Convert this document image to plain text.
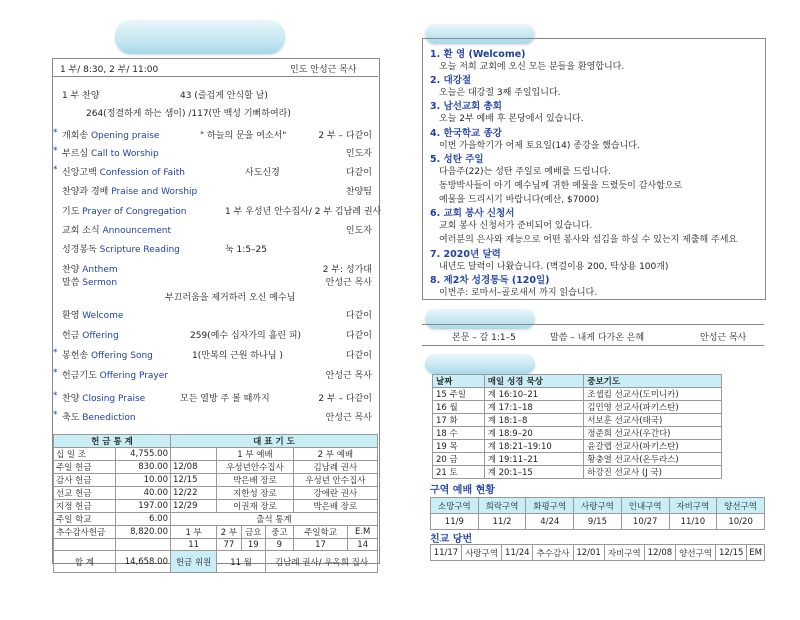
1 부/ 8:30, 2 부/ 11:00	인도 안성근 목사
1 부 찬양	43 (즐겁게 안식할 날)
264(정결하게 하는 샘이) /117(만 백성 기뻐하여라)
* 개회송 Opening praise	" 하늘의 문을 여소서"	2 부 – 다같이
* 부르심 Call to Worship	인도자
* 신앙고백 Confession of Faith	사도신경	다같이
찬양과 경배 Praise and Worship	찬양팀
기도 Prayer of Congregation	1 부 우성년 안수집사/ 2 부 김남례 권사
교회 소식 Announcement	인도자
성경봉독 Scripture Reading	눅 1:5–25
찬양 Anthem	2 부: 성가대
말씀 Sermon	안성근 목사
부끄러움을 제거하러 오신 예수님
환영 Welcome	다같이
헌금 Offering	259(예수 십자가의 흘린 피)	다같이
* 봉헌송 Offering Song	1(만복의 근원 하나님 )	다같이
* 헌금기도 Offering Prayer	안성근 목사
* 찬양 Closing Praise	모든 열방 주 볼 때까지	2 부 – 다같이
* 축도 Benediction	안성근 목사
헌 금 통 계		대 표 기 도					
십 일 조	4,755.00		1 부 예배			2 부 예배	
주일 헌금	830.00	12/08	우성년안수집사			김남례 권사	
감사 헌금	10.00	12/15	박은배 장로			우성년 안수집사	
선교 헌금	40.00	12/22	지한성 장로			강애란 권사	
지정 헌금	197.00	12/29	이권재 장로			박은배 장로	
주일 학교	6.00	출석 통계					
추수감사헌금	8,820.00	1 부	2 부	금요	중고	주일학교	E.M
		11	77	19	9	17	14
합 계	14,658.00	헌금 위원	11 월		김남례 권사/ 우옥희 집사		
1. 환 영 (Welcome)
오늘 저희 교회에 오신 모든 분들을 환영합니다.
2. 대강절
오늘은 대강절 3째 주일입니다.
3. 남선교회 총회
오늘 2부 예배 후 본당에서 있습니다.
4. 한국학교 종강
이번 가을학기가 어제 토요일(14) 종강을 했습니다.
5. 성탄 주일
다음주(22)는 성탄 주일로 예배를 드립니다.
동방박사들이 아기 예수님께 귀한 예물을 드렸듯이 감사함으로
예물을 드리시기 바랍니다(예산, $7000)
6. 교회 봉사 신청서
교회 봉사 신청서가 준비되어 있습니다.
여러분의 은사와 재능으로 어떤 봉사와 섬김을 하실 수 있는지 제출해 주세요
7. 2020년 달력
내년도 달력이 나왔습니다. (벽걸이용 200, 탁상용 100개)
8. 제2차 성경통독 (120일)
이번주: 로마서–골로새서 까지 읽습니다.
본문 – 갈 1:1–5	말씀 – 내게 다가온 은혜	안성근 목사
날짜	매일 성경 묵상	중보기도
15 주일	계 16:10–21	조셉킴 선교사(도미니카)
16 월	계 17:1–18	김민영 선교사(파키스탄)
17 화	계 18:1–8	서보훈 선교사(태국)
18 수	계 18:9–20	정준희 선교사(우간다)
19 목	계 18:21–19:10	윤갈렙 선교사(파키스탄)
20 금	계 19:11–21	황충열 선교사(온두라스)
21 토	계 20:1–15	하강진 선교사 (J 국)
구역 예배 현황
소망구역	희락구역	화평구역	사랑구역	인내구역	자비구역	양선구역
11/9	11/2	4/24	9/15	10/27	11/10	10/20
친교 당번
11/17	사랑구역	11/24	추수감사	12/01	자비구역	12/08	양선구역	12/15	EM
